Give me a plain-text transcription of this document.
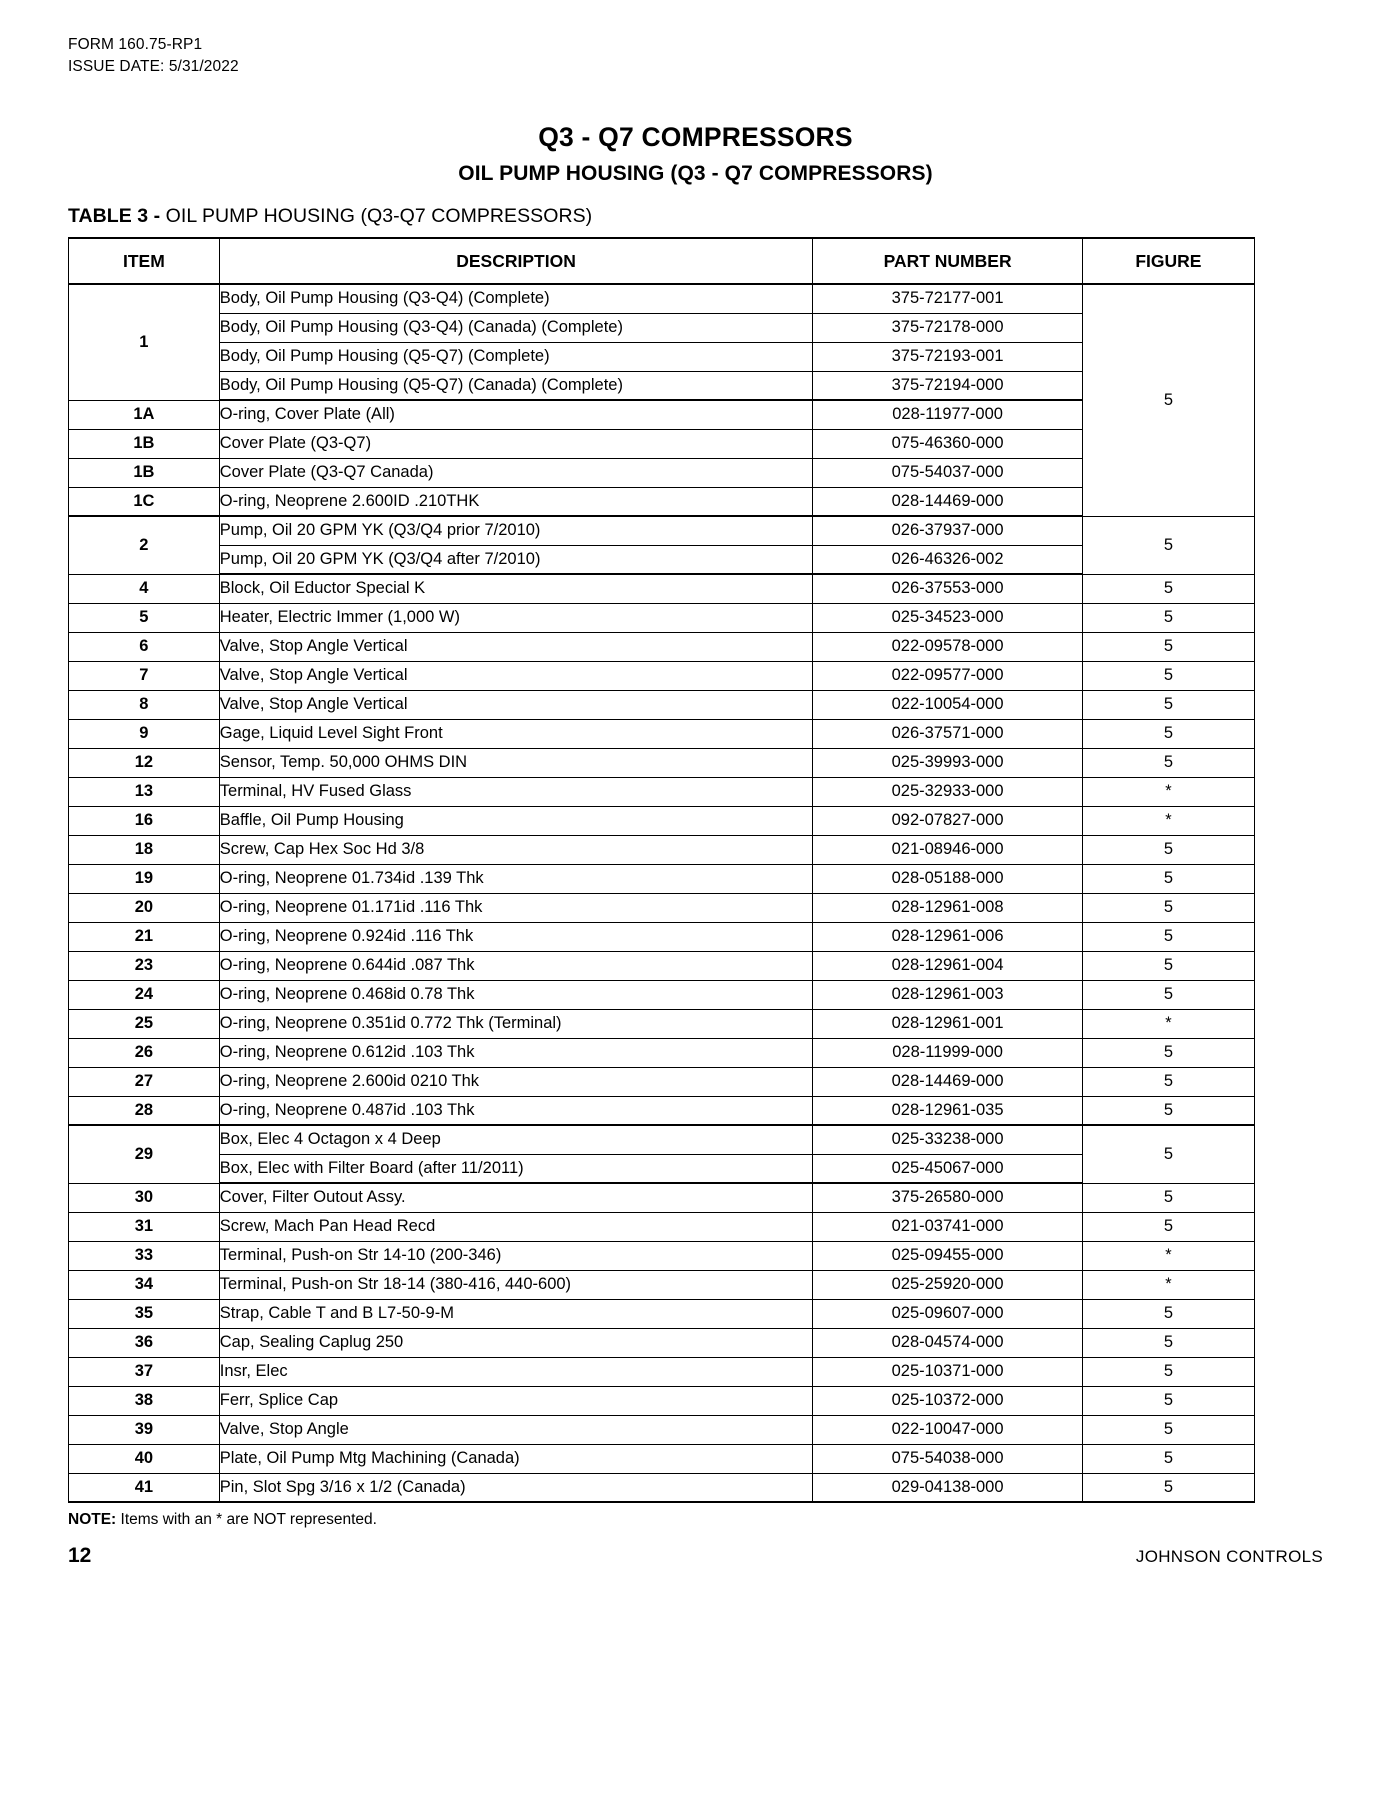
FORM 160.75-RP1
ISSUE DATE: 5/31/2022
Q3 - Q7 COMPRESSORS
OIL PUMP HOUSING (Q3 - Q7 COMPRESSORS)
TABLE 3 - OIL PUMP HOUSING (Q3-Q7 COMPRESSORS)
ITEM	DESCRIPTION	PART NUMBER	FIGURE
1	Body, Oil Pump Housing (Q3-Q4) (Complete)	375-72177-001	5
	Body, Oil Pump Housing (Q3-Q4) (Canada) (Complete)	375-72178-000	
	Body, Oil Pump Housing (Q5-Q7) (Complete)	375-72193-001	
	Body, Oil Pump Housing (Q5-Q7) (Canada) (Complete)	375-72194-000	
1A	O-ring, Cover Plate (All)	028-11977-000	
1B	Cover Plate (Q3-Q7)	075-46360-000	
1B	Cover Plate (Q3-Q7 Canada)	075-54037-000	
1C	O-ring, Neoprene 2.600ID .210THK	028-14469-000	
2	Pump, Oil 20 GPM YK (Q3/Q4 prior 7/2010)	026-37937-000	5
	Pump, Oil 20 GPM YK (Q3/Q4 after 7/2010)	026-46326-002	
4	Block, Oil Eductor Special K	026-37553-000	5
5	Heater, Electric Immer (1,000 W)	025-34523-000	5
6	Valve, Stop Angle Vertical	022-09578-000	5
7	Valve, Stop Angle Vertical	022-09577-000	5
8	Valve, Stop Angle Vertical	022-10054-000	5
9	Gage, Liquid Level Sight Front	026-37571-000	5
12	Sensor, Temp. 50,000 OHMS DIN	025-39993-000	5
13	Terminal, HV Fused Glass	025-32933-000	*
16	Baffle, Oil Pump Housing	092-07827-000	*
18	Screw, Cap Hex Soc Hd 3/8	021-08946-000	5
19	O-ring, Neoprene 01.734id .139 Thk	028-05188-000	5
20	O-ring, Neoprene 01.171id .116 Thk	028-12961-008	5
21	O-ring, Neoprene 0.924id .116 Thk	028-12961-006	5
23	O-ring, Neoprene 0.644id .087 Thk	028-12961-004	5
24	O-ring, Neoprene 0.468id 0.78 Thk	028-12961-003	5
25	O-ring, Neoprene 0.351id 0.772 Thk (Terminal)	028-12961-001	*
26	O-ring, Neoprene 0.612id .103 Thk	028-11999-000	5
27	O-ring, Neoprene 2.600id 0210 Thk	028-14469-000	5
28	O-ring, Neoprene 0.487id .103 Thk	028-12961-035	5
29	Box, Elec 4 Octagon x 4 Deep	025-33238-000	5
	Box, Elec with Filter Board (after 11/2011)	025-45067-000	
30	Cover, Filter Outout Assy.	375-26580-000	5
31	Screw, Mach Pan Head Recd	021-03741-000	5
33	Terminal, Push-on Str 14-10 (200-346)	025-09455-000	*
34	Terminal, Push-on Str 18-14 (380-416, 440-600)	025-25920-000	*
35	Strap, Cable T and B L7-50-9-M	025-09607-000	5
36	Cap, Sealing Caplug 250	028-04574-000	5
37	Insr, Elec	025-10371-000	5
38	Ferr, Splice Cap	025-10372-000	5
39	Valve, Stop Angle	022-10047-000	5
40	Plate, Oil Pump Mtg Machining (Canada)	075-54038-000	5
41	Pin, Slot Spg 3/16 x 1/2 (Canada)	029-04138-000	5
NOTE: Items with an * are NOT represented.
12	JOHNSON CONTROLS
